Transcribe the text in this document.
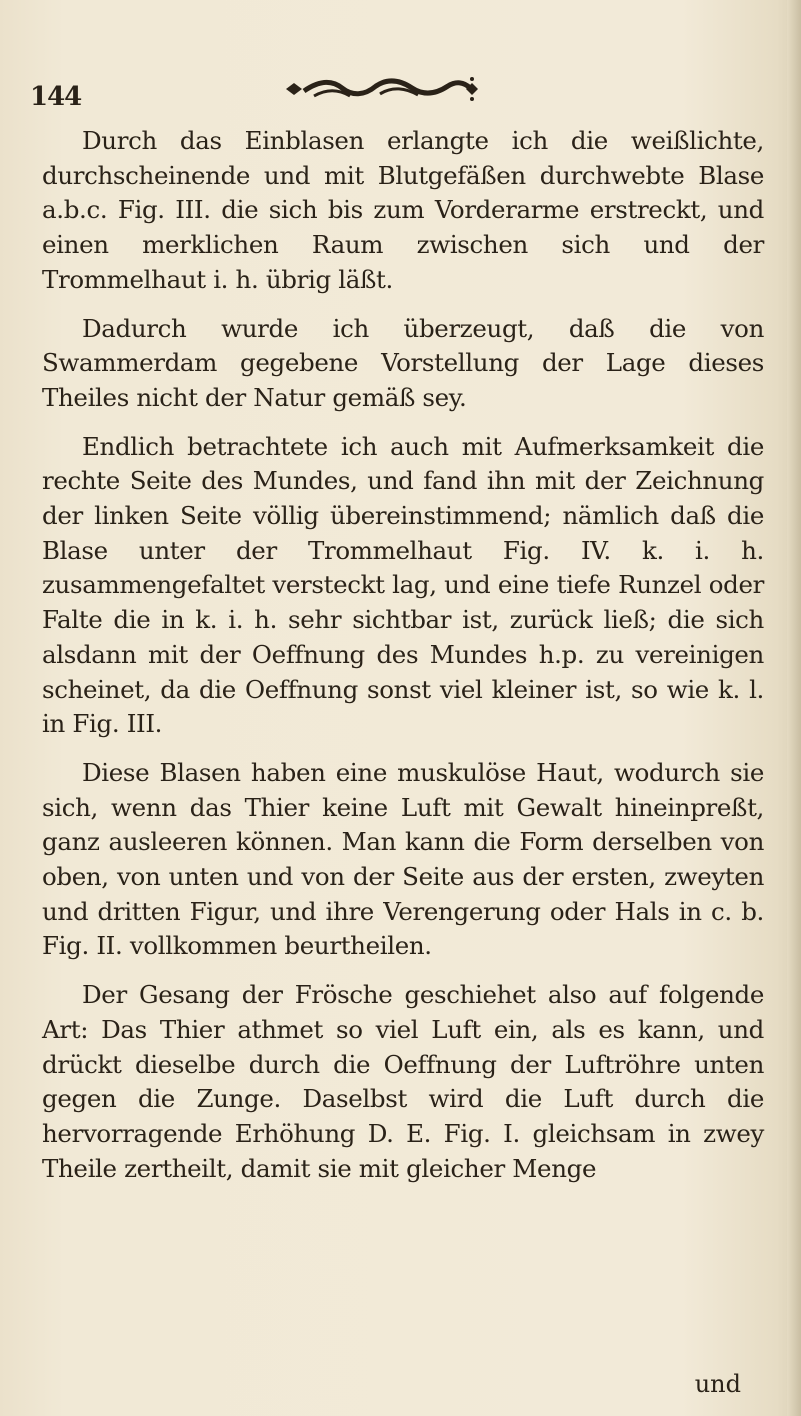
144

Durch das Einblasen erlangte ich die weißlichte, durchscheinende und mit Blutgefäßen durchwebte Blase a.b.c. Fig. III. die sich bis zum Vorderarme erstreckt, und einen merklichen Raum zwischen sich und der Trommelhaut i. h. übrig läßt.

Dadurch wurde ich überzeugt, daß die von Swammerdam gegebene Vorstellung der Lage dieses Theiles nicht der Natur gemäß sey.

Endlich betrachtete ich auch mit Aufmerksamkeit die rechte Seite des Mundes, und fand ihn mit der Zeichnung der linken Seite völlig übereinstimmend; nämlich daß die Blase unter der Trommelhaut Fig. IV. k. i. h. zusammengefaltet versteckt lag, und eine tiefe Runzel oder Falte die in k. i. h. sehr sichtbar ist, zurück ließ; die sich alsdann mit der Oeffnung des Mundes h.p. zu vereinigen scheinet, da die Oeffnung sonst viel kleiner ist, so wie k. l. in Fig. III.

Diese Blasen haben eine muskulöse Haut, wodurch sie sich, wenn das Thier keine Luft mit Gewalt hineinpreßt, ganz ausleeren können. Man kann die Form derselben von oben, von unten und von der Seite aus der ersten, zweyten und dritten Figur, und ihre Verengerung oder Hals in c. b. Fig. II. vollkommen beurtheilen.

Der Gesang der Frösche geschiehet also auf folgende Art: Das Thier athmet so viel Luft ein, als es kann, und drückt dieselbe durch die Oeffnung der Luftröhre unten gegen die Zunge. Daselbst wird die Luft durch die hervorragende Erhöhung D. E. Fig. I. gleichsam in zwey Theile zertheilt, damit sie mit gleicher Menge

und
